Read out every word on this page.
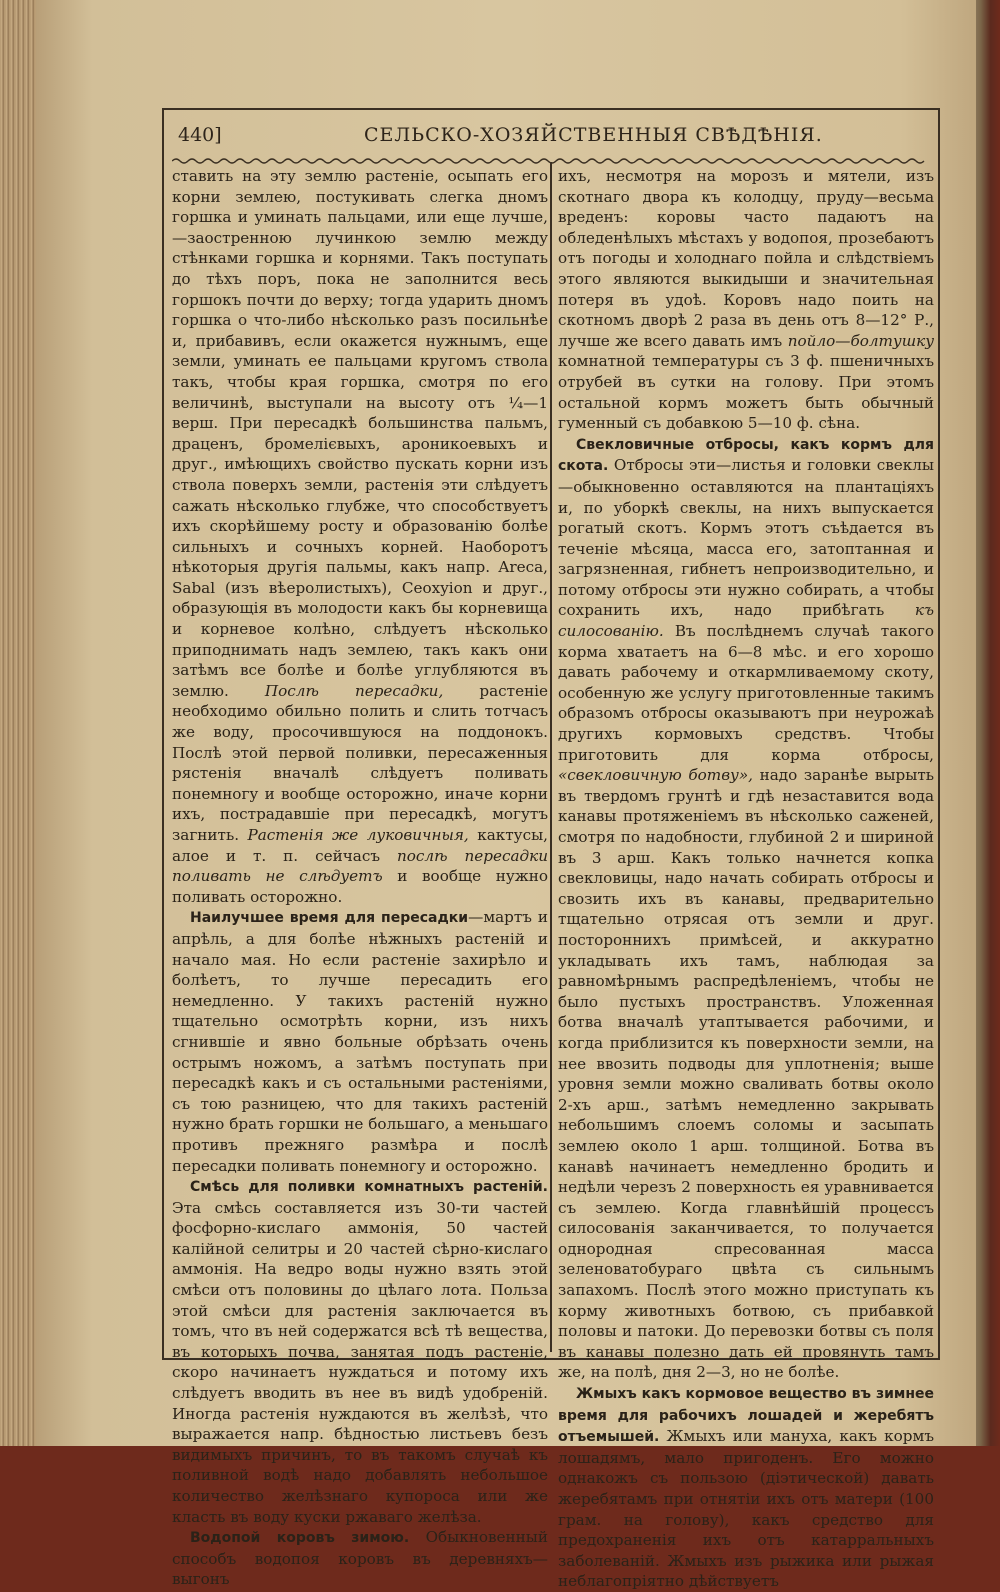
440]	СЕЛЬСКО-ХОЗЯЙСТВЕННЫЯ СВѢДѢНІЯ.

ставить на эту землю растеніе, осыпать его корни землею, постукивать слегка дномъ горшка и уминать пальцами, или еще лучше,—заостренною лучинкою землю между стѣнками горшка и корнями. Такъ поступать до тѣхъ поръ, пока не заполнится весь горшокъ почти до верху; тогда ударить дномъ горшка о что-либо нѣсколько разъ посильнѣе и, прибавивъ, если окажется нужнымъ, еще земли, уминать ее пальцами кругомъ ствола такъ, чтобы края горшка, смотря по его величинѣ, выступали на высоту отъ ¼—1 верш. При пересадкѣ большинства пальмъ, драценъ, бромелієвыхъ, ароникоевыхъ и друг., имѣющихъ свойство пускать корни изъ ствола поверхъ земли, растенія эти слѣдуетъ сажать нѣсколько глубже, что способствуетъ ихъ скорѣйшему росту и образованію болѣе сильныхъ и сочныхъ корней. Наоборотъ нѣкоторыя другія пальмы, какъ напр. Areca, Sabal (изъ вѣеролистыхъ), Ceoxyion и друг., образующія въ молодости какъ бы корневища и корневое колѣно, слѣдуетъ нѣсколько приподнимать надъ землею, такъ какъ они затѣмъ все болѣе и болѣе углубляются въ землю. Послѣ пересадки, растеніе необходимо обильно полить и слить тотчасъ же воду, просочившуюся на поддонокъ. Послѣ этой первой поливки, пересаженныя рястенія вначалѣ слѣдуетъ поливать понемногу и вообще осторожно, иначе корни ихъ, пострадавшіе при пересадкѣ, могутъ загнить. Растенія же луковичныя, кактусы, алое и т. п. сейчасъ послѣ пересадки поливать не слѣдуетъ и вообще нужно поливать осторожно.

Наилучшее время для пересадки—мартъ и апрѣль, а для болѣе нѣжныхъ растеній и начало мая. Но если растеніе захирѣло и болѣетъ, то лучше пересадить его немедленно. У такихъ растеній нужно тщательно осмотрѣть корни, изъ нихъ сгнившіе и явно больные обрѣзать очень острымъ ножомъ, а затѣмъ поступать при пересадкѣ какъ и съ остальными растеніями, съ тою разницею, что для такихъ растеній нужно брать горшки не большаго, а меньшаго противъ прежняго размѣра и послѣ пересадки поливать понемногу и осторожно.

Смѣсь для поливки комнатныхъ растеній. Эта смѣсь составляется изъ 30-ти частей фосфорно-кислаго аммонія, 50 частей калійной селитры и 20 частей сѣрно-кислаго аммонія. На ведро воды нужно взять этой смѣси отъ половины до цѣлаго лота. Польза этой смѣси для растенія заключается въ томъ, что въ ней содержатся всѣ тѣ вещества, въ которыхъ почва, занятая подъ растеніе, скоро начинаетъ нуждаться и потому ихъ слѣдуетъ вводить въ нее въ видѣ удобреній. Иногда растенія нуждаются въ желѣзѣ, что выражается напр. бѣдностью листьевъ безъ видимыхъ причинъ, то въ такомъ случаѣ къ поливной водѣ надо добавлять небольшое количество желѣзнаго купороса или же класть въ воду куски ржаваго желѣза.

Водопой коровъ зимою. Обыкновенный способъ водопоя коровъ въ деревняхъ—выгонъ

ихъ, несмотря на морозъ и мятели, изъ скотнаго двора къ колодцу, пруду—весьма вреденъ: коровы часто падаютъ на обледенѣлыхъ мѣстахъ у водопоя, прозебаютъ отъ погоды и холоднаго пойла и слѣдствіемъ этого являются выкидыши и значительная потеря въ удоѣ. Коровъ надо поить на скотномъ дворѣ 2 раза въ день отъ 8—12° Р., лучше же всего давать имъ пойло—болтушку комнатной температуры съ 3 ф. пшеничныхъ отрубей въ сутки на голову. При этомъ остальной кормъ можетъ быть обычный гуменный съ добавкою 5—10 ф. сѣна.

Свекловичные отбросы, какъ кормъ для скота. Отбросы эти—листья и головки свеклы—обыкновенно оставляются на плантаціяхъ и, по уборкѣ свеклы, на нихъ выпускается рогатый скотъ. Кормъ этотъ съѣдается въ теченіе мѣсяца, масса его, затоптанная и загрязненная, гибнетъ непроизводительно, и потому отбросы эти нужно собирать, а чтобы сохранить ихъ, надо прибѣгать къ силосованію. Въ послѣднемъ случаѣ такого корма хватаетъ на 6—8 мѣс. и его хорошо давать рабочему и откармливаемому скоту, особенную же услугу приготовленные такимъ образомъ отбросы оказываютъ при неурожаѣ другихъ кормовыхъ средствъ. Чтобы приготовить для корма отбросы, «свекловичную ботву», надо заранѣе вырыть въ твердомъ грунтѣ и гдѣ незаставится вода канавы протяженіемъ въ нѣсколько саженей, смотря по надобности, глубиной 2 и шириной въ 3 арш. Какъ только начнется копка свекловицы, надо начать собирать отбросы и свозить ихъ въ канавы, предварительно тщательно отрясая отъ земли и друг. постороннихъ примѣсей, и аккуратно укладывать ихъ тамъ, наблюдая за равномѣрнымъ распредѣленіемъ, чтобы не было пустыхъ пространствъ. Уложенная ботва вначалѣ утаптывается рабочими, и когда приблизится къ поверхности земли, на нее ввозить подводы для уплотненія; выше уровня земли можно сваливать ботвы около 2-хъ арш., затѣмъ немедленно закрывать небольшимъ слоемъ соломы и засыпать землею около 1 арш. толщиной. Ботва въ канавѣ начинаетъ немедленно бродить и недѣли черезъ 2 поверхность ея уравнивается съ землею. Когда главнѣйшій процессъ силосованія заканчивается, то получается однородная спресованная масса зеленоватобураго цвѣта съ сильнымъ запахомъ. Послѣ этого можно приступать къ корму животныхъ ботвою, съ прибавкой половы и патоки. До перевозки ботвы съ поля въ канавы полезно дать ей провянуть тамъ же, на полѣ, дня 2—3, но не болѣе.

Жмыхъ какъ кормовое вещество въ зимнее время для рабочихъ лошадей и жеребятъ отъемышей. Жмыхъ или мануха, какъ кормъ лошадямъ, мало пригоденъ. Его можно однакожъ съ пользою (діэтической) давать жеребятамъ при отнятіи ихъ отъ матери (100 грам. на голову), какъ средство для предохраненія ихъ отъ катарральныхъ заболеваній. Жмыхъ изъ рыжика или рыжая неблагопріятно дѣйствуетъ
